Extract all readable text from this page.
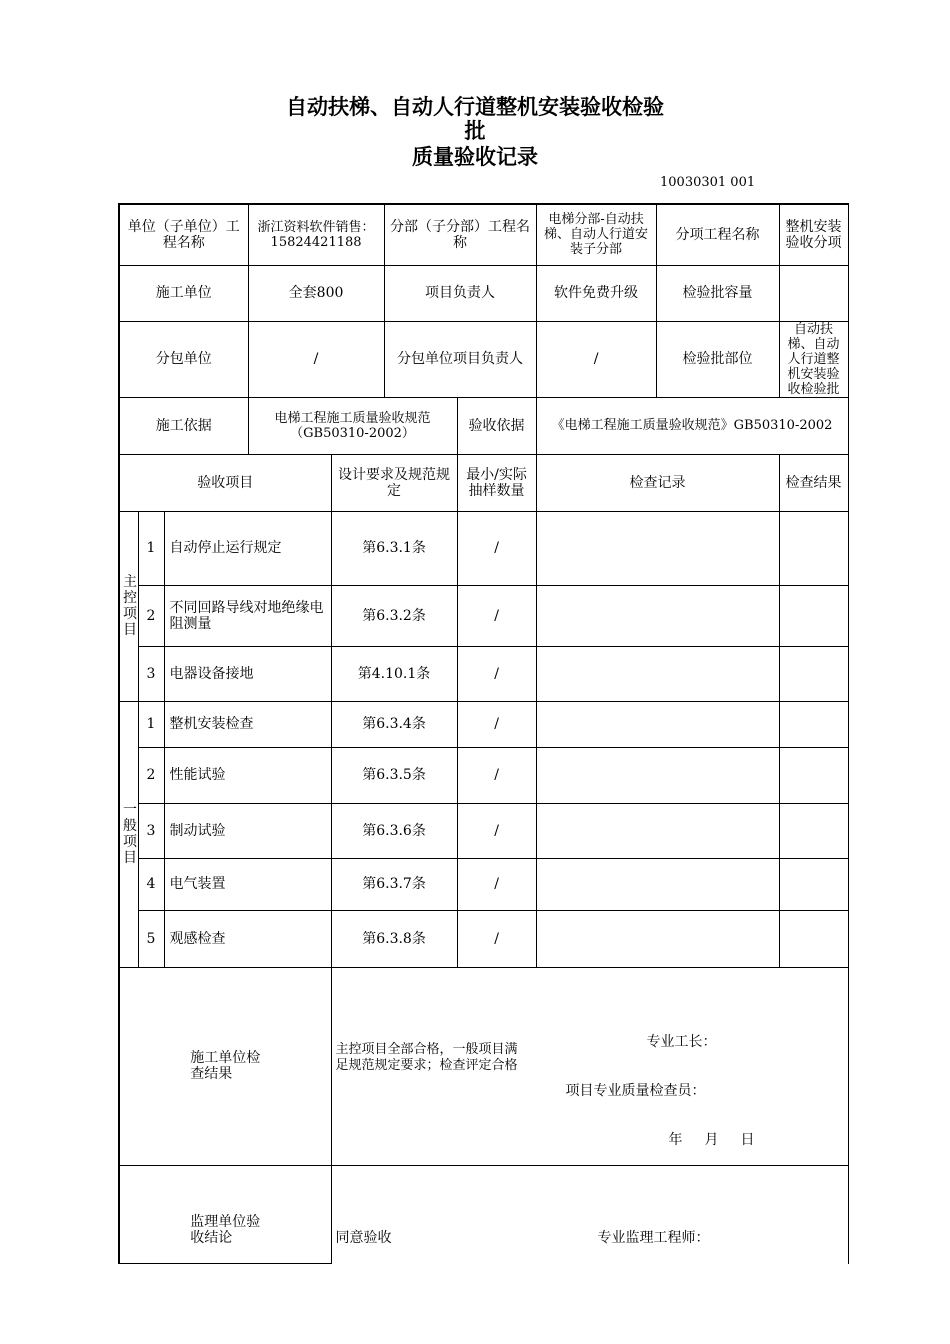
自动扶梯、自动人行道整机安装验收检验
批
质量验收记录
10030301 001
单位（子单位）工程名称			浙江资料软件销售：15824421188		分部（子分部）工程名称		电梯分部-自动扶梯、自动人行道安装子分部	分项工程名称	整机安装验收分项
施工单位			全套800		项目负责人		软件免费升级	检验批容量	
分包单位			/		分包单位项目负责人		/	检验批部位	自动扶梯、自动人行道整机安装验收检验批
施工依据			电梯工程施工质量验收规范（GB50310-2002）			验收依据	《电梯工程施工质量验收规范》GB50310-2002		
验收项目				设计要求及规范规定		最小/实际抽样数量	检查记录		检查结果

主控项目	1	自动停止运行规定		第6.3.1条		/			
	2	不同回路导线对地绝缘电阻测量		第6.3.2条		/			
	3	电器设备接地		第4.10.1条		/			

一般项目	1	整机安装检查		第6.3.4条		/			
	2	性能试验		第6.3.5条		/			
	3	制动试验		第6.3.6条		/			
	4	电气装置		第6.3.7条		/			
	5	观感检查		第6.3.8条		/			

施工单位检查结果				主控项目全部合格，一般项目满足规范规定要求；检查评定合格
专业工长：
项目专业质量检查员：
年　月　日					

监理单位验收结论				同意验收 专业监理工程师：					
